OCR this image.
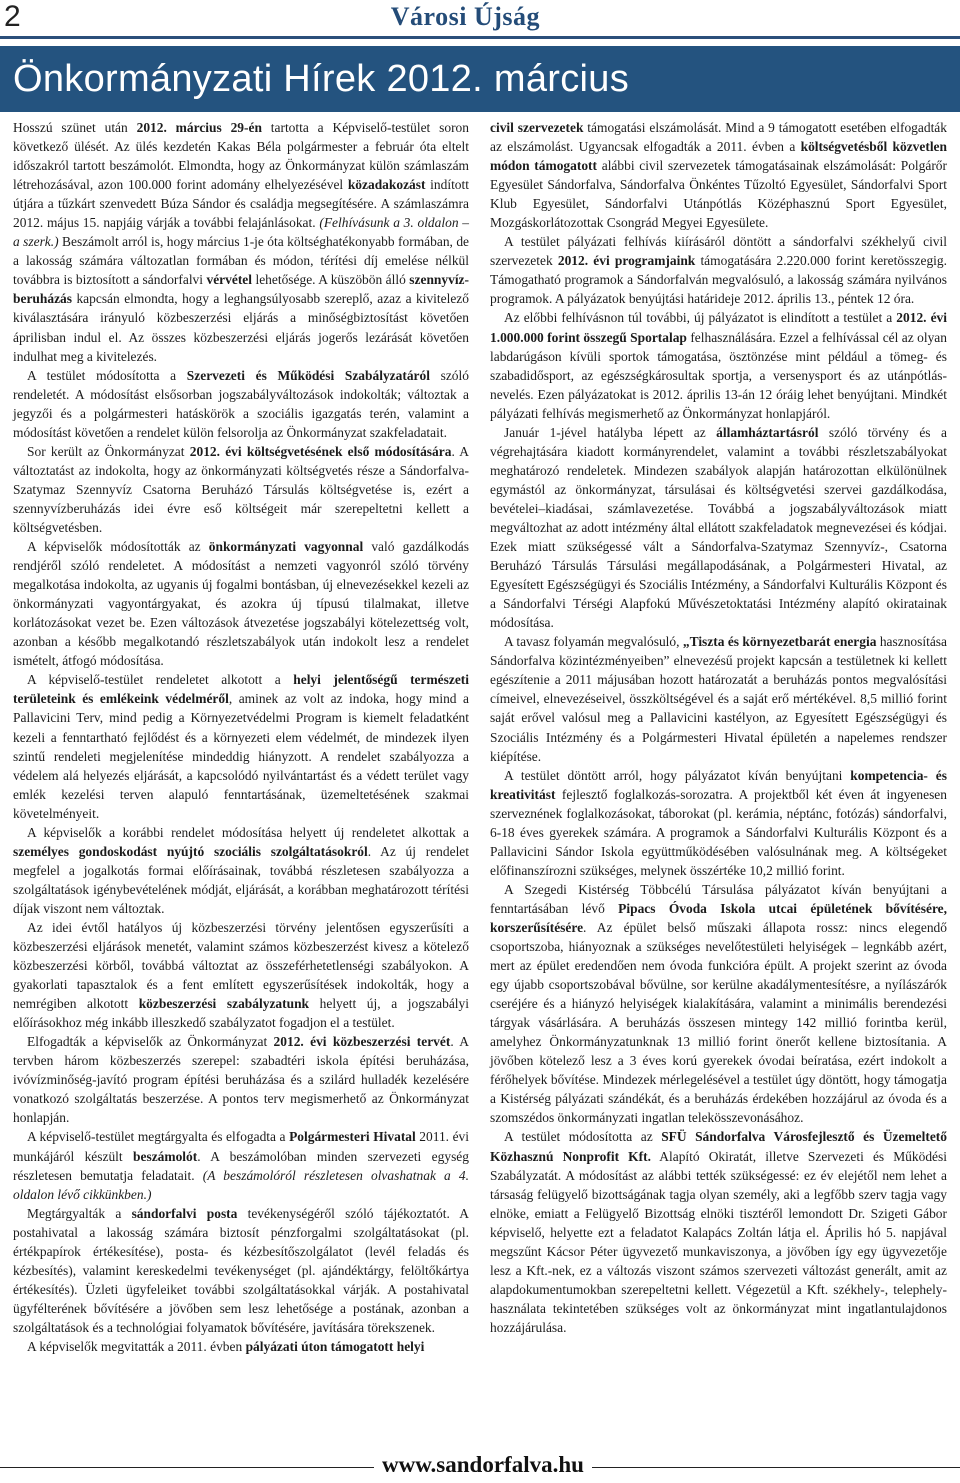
2	Városi Újság
Önkormányzati Hírek 2012. március

Hosszú szünet után 2012. március 29-én tartotta a Képviselő-testület soron következő ülését. Az ülés kezdetén Kakas Béla polgármester a február óta eltelt időszakról tartott beszámolót. Elmondta, hogy az Önkormányzat külön számlaszám létrehozásával, azon 100.000 forint adomány elhelyezésével közadakozást indított útjára a tűzkárt szenvedett Búza Sándor és családja megsegítésére. A számlaszámra 2012. május 15. napjáig várják a további felajánlásokat. (Felhívásunk a 3. oldalon – a szerk.) Beszámolt arról is, hogy március 1-je óta költséghatékonyabb formában, de a lakosság számára változatlan formában és módon, térítési díj emelése nélkül továbbra is biztosított a sándorfalvi vérvétel lehetősége. A küszöbön álló szennyvíz-beruházás kapcsán elmondta, hogy a leghangsúlyosabb szereplő, azaz a kivitelező kiválasztására irányuló közbeszerzési eljárás a minőségbiztosítást követően áprilisban indul el. Az összes közbeszerzési eljárás jogerős lezárását követően indulhat meg a kivitelezés.

A testület módosította a Szervezeti és Működési Szabályzatáról szóló rendeletét. A módosítást elsősorban jogszabályváltozások indokolták; változtak a jegyzői és a polgármesteri hatáskörök a szociális igazgatás terén, valamint a módosítást követően a rendelet külön felsorolja az Önkormányzat szakfeladatait.

Sor került az Önkormányzat 2012. évi költségvetésének első módosítására. A változtatást az indokolta, hogy az önkormányzati költségvetés része a Sándorfalva-Szatymaz Szennyvíz Csatorna Beruházó Társulás költségvetése is, ezért a szennyvízberuházás idei évre eső költségeit már szerepeltetni kellett a költségvetésben.

A képviselők módosították az önkormányzati vagyonnal való gazdálkodás rendjéről szóló rendeletet. A módosítást a nemzeti vagyonról szóló törvény megalkotása indokolta, az ugyanis új fogalmi bontásban, új elnevezésekkel kezeli az önkormányzati vagyontárgyakat, és azokra új típusú tilalmakat, illetve korlátozásokat vezet be. Ezen változások átvezetése jogszabályi kötelezettség volt, azonban a később megalkotandó részletszabályok után indokolt lesz a rendelet ismételt, átfogó módosítása.

A képviselő-testület rendeletet alkotott a helyi jelentőségű természeti területeink és emlékeink védelméről, aminek az volt az indoka, hogy mind a Pallavicini Terv, mind pedig a Környezetvédelmi Program is kiemelt feladatként kezeli a fenntartható fejlődést és a környezeti elem védelmét, de mindezek ilyen szintű rendeleti megjelenítése mindeddig hiányzott. A rendelet szabályozza a védelem alá helyezés eljárását, a kapcsolódó nyilvántartást és a védett terület vagy emlék kezelési terven alapuló fenntartásának, üzemeltetésének szakmai követelményeit.

A képviselők a korábbi rendelet módosítása helyett új rendeletet alkottak a személyes gondoskodást nyújtó szociális szolgáltatásokról. Az új rendelet megfelel a jogalkotás formai előírásainak, továbbá részletesen szabályozza a szolgáltatások igénybevételének módját, eljárását, a korábban meghatározott térítési díjak viszont nem változtak.

Az idei évtől hatályos új közbeszerzési törvény jelentősen egyszerűsíti a közbeszerzési eljárások menetét, valamint számos közbeszerzést kivesz a kötelező közbeszerzési körből, továbbá változtat az összeférhetetlenségi szabályokon. A gyakorlati tapasztalok és a fent említett egyszerűsítések indokolták, hogy a nemrégiben alkotott közbeszerzési szabályzatunk helyett új, a jogszabályi előírásokhoz még inkább illeszkedő szabályzatot fogadjon el a testület.

Elfogadták a képviselők az Önkormányzat 2012. évi közbeszerzési tervét. A tervben három közbeszerzés szerepel: szabadtéri iskola építési beruházása, ivóvízminőség-javító program építési beruházása és a szilárd hulladék kezelésére vonatkozó szolgáltatás beszerzése. A pontos terv megismerhető az Önkormányzat honlapján.

A képviselő-testület megtárgyalta és elfogadta a Polgármesteri Hivatal 2011. évi munkájáról készült beszámolót. A beszámolóban minden szervezeti egység részletesen bemutatja feladatait. (A beszámolóról részletesen olvashatnak a 4. oldalon lévő cikkünkben.)

Megtárgyalták a sándorfalvi posta tevékenységéről szóló tájékoztatót. A postahivatal a lakosság számára biztosít pénzforgalmi szolgáltatásokat (pl. értékpapírok értékesítése), posta- és kézbesítőszolgálatot (levél feladás és kézbesítés), valamint kereskedelmi tevékenységet (pl. ajándéktárgy, felöltőkártya értékesítés). Üzleti ügyfeleiket további szolgáltatásokkal várják. A postahivatal ügyfélterének bővítésére a jövőben sem lesz lehetősége a postának, azonban a szolgáltatások és a technológiai folyamatok bővítésére, javítására törekszenek.

A képviselők megvitatták a 2011. évben pályázati úton támogatott helyi

civil szervezetek támogatási elszámolását. Mind a 9 támogatott esetében elfogadták az elszámolást. Ugyancsak elfogadták a 2011. évben a költségvetésből közvetlen módon támogatott alábbi civil szervezetek támogatásainak elszámolását: Polgárőr Egyesület Sándorfalva, Sándorfalva Önkéntes Tűzoltó Egyesület, Sándorfalvi Sport Klub Egyesület, Sándorfalvi Utánpótlás Középhasznú Sport Egyesület, Mozgáskorlátozottak Csongrád Megyei Egyesülete.

A testület pályázati felhívás kiírásáról döntött a sándorfalvi székhelyű civil szervezetek 2012. évi programjaink támogatására 2.220.000 forint keretösszegig. Támogatható programok a Sándorfalván megvalósuló, a lakosság számára nyilvános programok. A pályázatok benyújtási határideje 2012. április 13., péntek 12 óra.

Az előbbi felhívásnon túl további, új pályázatot is elindított a testület a 2012. évi 1.000.000 forint összegű Sportalap felhasználására. Ezzel a felhívással cél az olyan labdarúgáson kívüli sportok támogatása, ösztönzése mint például a tömeg- és szabadidősport, az egészségkárosultak sportja, a versenysport és az utánpótlás-nevelés. Ezen pályázatokat is 2012. április 13-án 12 óráig lehet benyújtani. Mindkét pályázati felhívás megismerhető az Önkormányzat honlapjáról.

Január 1-jével hatályba lépett az államháztartásról szóló törvény és a végrehajtására kiadott kormányrendelet, valamint a további részletszabályokat meghatározó rendeletek. Mindezen szabályok alapján határozottan elkülönülnek egymástól az önkormányzat, társulásai és költségvetési szervei gazdálkodása, bevételei–kiadásai, számlavezetése. Továbbá a jogszabályváltozások miatt megváltozhat az adott intézmény által ellátott szakfeladatok megnevezései és kódjai. Ezek miatt szükségessé vált a Sándorfalva-Szatymaz Szennyvíz-, Csatorna Beruházó Társulás Társulási megállapodásának, a Polgármesteri Hivatal, az Egyesített Egészségügyi és Szociális Intézmény, a Sándorfalvi Kulturális Központ és a Sándorfalvi Térségi Alapfokú Művészetoktatási Intézmény alapító okiratainak módosítása.

A tavasz folyamán megvalósuló, „Tiszta és környezetbarát energia hasznosítása Sándorfalva közintézményeiben” elnevezésű projekt kapcsán a testületnek ki kellett egészítenie a 2011 májusában hozott határozatát a beruházás pontos megvalósítási címeivel, elnevezéseivel, összköltségével és a saját erő mértékével. 8,5 millió forint saját erővel valósul meg a Pallavicini kastélyon, az Egyesített Egészségügyi és Szociális Intézmény és a Polgármesteri Hivatal épületén a napelemes rendszer kiépítése.

A testület döntött arról, hogy pályázatot kíván benyújtani kompetencia- és kreativitást fejlesztő foglalkozás-sorozatra. A projektből két éven át ingyenesen szerveznének foglalkozásokat, táborokat (pl. kerámia, néptánc, fotózás) sándorfalvi, 6-18 éves gyerekek számára. A programok a Sándorfalvi Kulturális Központ és a Pallavicini Sándor Iskola együttműködésében valósulnának meg. A költségeket előfinanszírozni szükséges, melynek összértéke 10,2 millió forint.

A Szegedi Kistérség Többcélú Társulása pályázatot kíván benyújtani a fenntartásában lévő Pipacs Óvoda Iskola utcai épületének bővítésére, korszerűsítésére. Az épület belső műszaki állapota rossz: nincs elegendő csoportszoba, hiányoznak a szükséges nevelőtestületi helyiségek – legnkább azért, mert az épület eredendően nem óvoda funkcióra épült. A projekt szerint az óvoda egy újabb csoportszobával bővülne, sor kerülne akadálymentesítésre, a nyílászárók cseréjére és a hiányzó helyiségek kialakítására, valamint a minimális berendezési tárgyak vásárlására. A beruházás összesen mintegy 142 millió forintba kerül, amelyhez Önkormányzatunknak 13 millió forint önerőt kellene biztosítania. A jövőben kötelező lesz a 3 éves korú gyerekek óvodai beíratása, ezért indokolt a férőhelyek bővítése. Mindezek mérlegelésével a testület úgy döntött, hogy támogatja a Kistérség pályázati szándékát, és a beruházás érdekében hozzájárul az óvoda és a szomszédos önkormányzati ingatlan telekösszevonásához.

A testület módosította az SFÜ Sándorfalva Városfejlesztő és Üzemeltető Közhasznú Nonprofit Kft. Alapító Okiratát, illetve Szervezeti és Működési Szabályzatát. A módosítást az alábbi tették szükségessé: ez év elejétől nem lehet a társaság felügyelő bizottságának tagja olyan személy, aki a legfőbb szerv tagja vagy elnöke, emiatt a Felügyelő Bizottság elnöki tisztéről lemondott Dr. Szigeti Gábor képviselő, helyette ezt a feladatot Kalapács Zoltán látja el. Április hó 5. napjával megszűnt Kácsor Péter ügyvezető munkaviszonya, a jövőben így egy ügyvezetője lesz a Kft.-nek, ez a változás viszont számos szervezeti változást generált, amit az alapdokumentumokban szerepeltetni kellett. Végezetül a Kft. székhely-, telephely-használata tekintetében szükséges volt az önkormányzat mint ingatlantulajdonos hozzájárulása.

www.sandorfalva.hu
